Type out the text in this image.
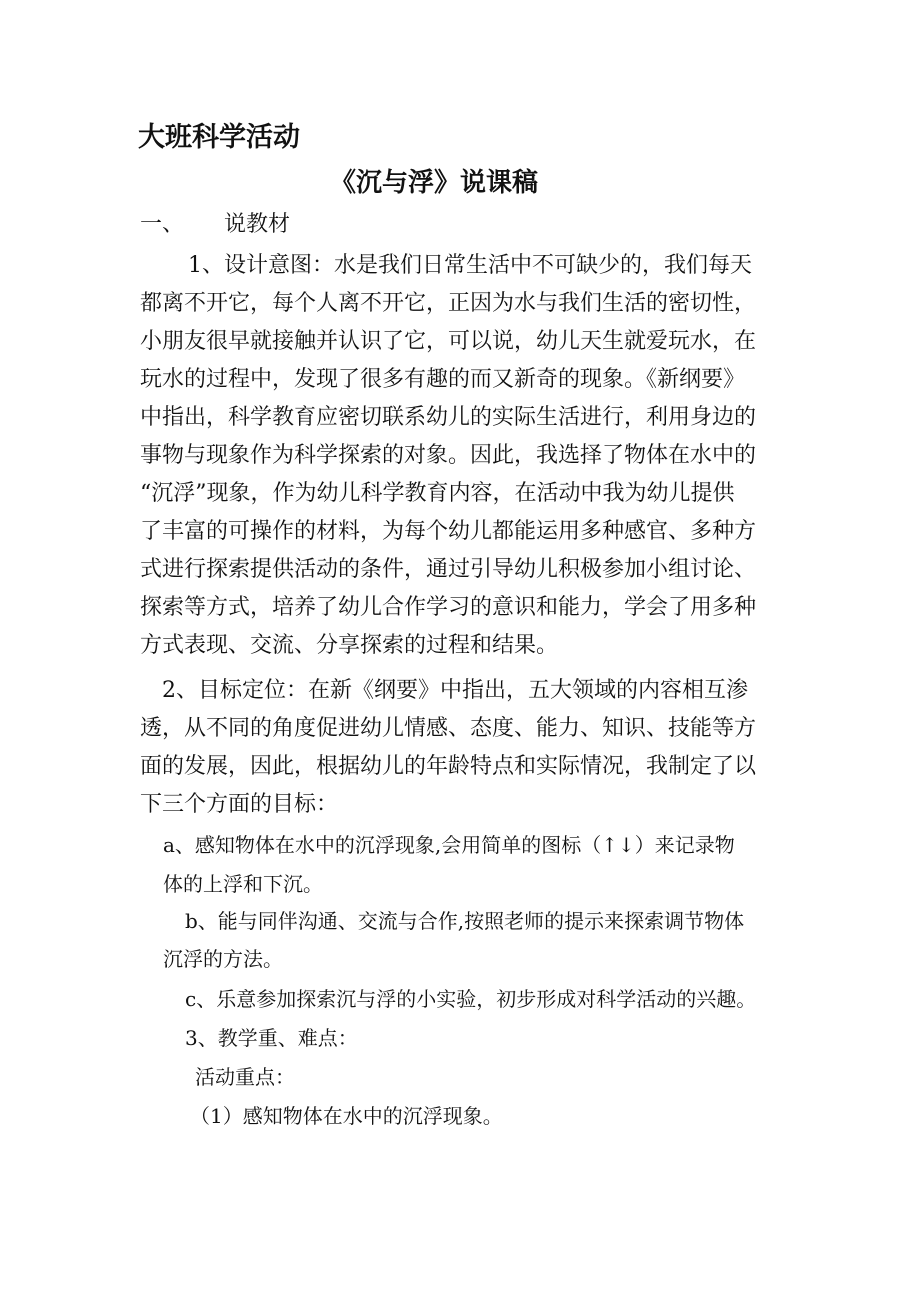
大班科学活动
《沉与浮》说课稿
一、 说教材
1、设计意图：水是我们日常生活中不可缺少的，我们每天
都离不开它，每个人离不开它，正因为水与我们生活的密切性，
小朋友很早就接触并认识了它，可以说，幼儿天生就爱玩水，在
玩水的过程中，发现了很多有趣的而又新奇的现象。《新纲要》
中指出，科学教育应密切联系幼儿的实际生活进行，利用身边的
事物与现象作为科学探索的对象。因此，我选择了物体在水中的
“沉浮”现象，作为幼儿科学教育内容，在活动中我为幼儿提供
了丰富的可操作的材料，为每个幼儿都能运用多种感官、多种方
式进行探索提供活动的条件，通过引导幼儿积极参加小组讨论、
探索等方式，培养了幼儿合作学习的意识和能力，学会了用多种
方式表现、交流、分享探索的过程和结果。
2、目标定位：在新《纲要》中指出，五大领域的内容相互渗
透，从不同的角度促进幼儿情感、态度、能力、知识、技能等方
面的发展，因此，根据幼儿的年龄特点和实际情况，我制定了以
下三个方面的目标：
a、感知物体在水中的沉浮现象,会用简单的图标（↑↓）来记录物
体的上浮和下沉。
b、能与同伴沟通、交流与合作,按照老师的提示来探索调节物体
沉浮的方法。
c、乐意参加探索沉与浮的小实验，初步形成对科学活动的兴趣。
3、教学重、难点：
活动重点：
（1）感知物体在水中的沉浮现象。
